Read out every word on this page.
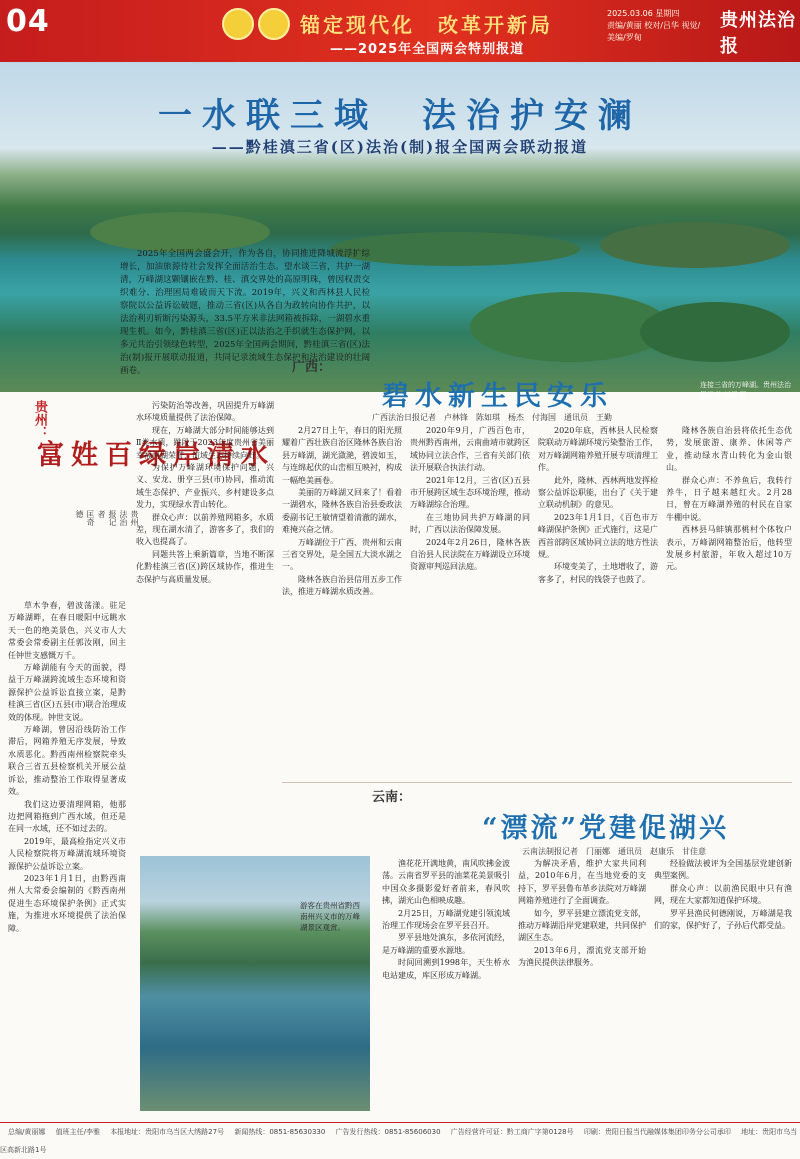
04	锚定现代化　改革开新局
——2025年全国两会特别报道
2025.03.06 星期四
责编/黄丽 校对/吕华 视觉/
美编/罗甸
贵州法治报
一水联三域　法治护安澜
——黔桂滇三省(区)法治(制)报全国两会联动报道
连接三省的万峰湖。贵州法治报记者 刘颜 摄
2025年全国两会盛会开，作为各自，协同推进降城流浮扩综增长，加油旅源待社会发挥全面活治生态。望水谈三省，共护一湖清，万峰湖这颗镶嵌在黔、桂、滇交界处的高原明珠，曾因权责交织难分、治理困局难破而天下流。2019年，兴义和西林县人民检察院以公益诉讼破题，推动三省(区)从各自为政转向协作共护，以法治利刃斩断污染源头，33.5平方米非法网箱被拆除，一湖碧水重现生机。如今，黔桂滇三省(区)正以法治之手织就生态保护网，以多元共治引领绿色转型，2025年全国两会期间，黔桂滇三省(区)法治(制)报开展联动报道，共同记录流域生态保护和法治建设的壮阔画卷。
贵州：
水清岸绿百姓富
贵州法治报记者　匡奇德

草木争春，碧波荡漾。驻足万峰湖畔，在春日暖阳中远眺水天一色的绝美景色，兴义市人大常委会常委副主任郭汝刚，回主任钟世支感慨万千。

万峰湖能有今天的面貌，得益于万峰湖跨流域生态环境和资源保护公益诉讼直接立案，是黔桂滇三省(区)五县(市)联合治理成效的体现。钟世支说。

万峰湖，曾因沿线防治工作滞后，网箱养殖无序发展，导致水质恶化。黔西南州检察院牵头联合三省五县检察机关开展公益诉讼，推动整治工作取得显著成效。

我们这边要清理网箱，他那边把网箱拖到广西水域，但还是在同一水域，还不如过去的。

2019年，最高检指定兴义市人民检察院将万峰湖流域环境资源保护公益诉讼立案。

2023年1月1日，由黔西南州人大常委会编制的《黔西南州促进生态环境保护条例》正式实施，为推进水环境提供了法治保障。

污染防治等改善，巩固提升万峰湖水环境质量提供了法治保障。

现在，万峰湖大部分时间能够达到Ⅱ类水质，跳段于2023年度贵州省美丽幸福河湖荣誉，流域生态持续向好。

为保护万峰湖环境保护问题，兴义、安龙、册亨三县(市)协同，推动流域生态保护、产业振兴、乡村建设多点发力，实现绿水青山转化。

群众心声：以前养殖网箱多，水质差，现在湖水清了，游客多了，我们的收入也提高了。

同题共答上乘新篇章，当地不断深化黔桂滇三省(区)跨区域协作，推进生态保护与高质量发展。

游客在贵州省黔西南州兴义市的万峰湖景区观赏。
广西：
碧水新生民安乐
广西法治日报记者　卢林锋　陈如琪　杨杰　付海国　通讯员　王勤

2月27日上午，春日的阳光照耀着广西壮族自治区隆林各族自治县万峰湖，湖光潋滟，碧波如玉，与连绵起伏的山峦相互映衬，构成一幅绝美画卷。

美丽的万峰湖又回来了！看着一湖碧水，隆林各族自治县委政法委副书记王敏情望着清澈的湖水，难掩兴奋之情。

万峰湖位于广西、贵州和云南三省交界处，是全国五大淡水湖之一。

隆林各族自治县信用五步工作法，推进万峰湖水质改善。

2020年9月，广西百色市，贵州黔西南州，云南曲靖市就跨区域协同立法合作，三省有关部门依法开展联合执法行动。

2021年12月，三省(区)五县市开展跨区域生态环境治理，推动万峰湖综合治理。

在三地协同共护万峰湖的同时，广西以法治保障发展。

2024年2月26日，隆林各族自治县人民法院在万峰湖设立环境资源审判巡回法庭。

2020年底，西林县人民检察院联动万峰湖环境污染整治工作，对万峰湖网箱养殖开展专项清理工作。

此外，隆林、西林两地发挥检察公益诉讼职能，出台了《关于建立联动机制》的意见。

2023年1月1日，《百色市万峰湖保护条例》正式施行，这是广西首部跨区域协同立法的地方性法规。

环境变美了，土地增收了，游客多了，村民的钱袋子也鼓了。

隆林各族自治县将依托生态优势，发展旅游、康养、休闲等产业，推动绿水青山转化为金山银山。

群众心声：不养鱼后，我转行养牛，日子越来越红火。2月28日，曾在万峰湖养殖的村民在自家牛棚中说。

西林县马蚌镇那桃村个体牧户表示，万峰湖网箱整治后，他转型发展乡村旅游，年收入超过10万元。

云南：
“漂流”党建促湖兴
云南法制报记者　门丽娜　通讯员　赵康乐　甘佳意

渔花花开满地黄，南风吹拂金波荡。云南省罗平县的油菜花美景吸引中国众多摄影爱好者前来，春风吹拂，湖光山色相映成趣。

2月25日，万峰湖党建引领流域治理工作现场会在罗平县召开。

罗平县地处滇东，多依河流经，是万峰湖的重要水源地。

时间回溯到1998年，天生桥水电站建成，库区形成万峰湖。

为解决矛盾，维护大家共同利益，2010年6月，在当地党委的支持下，罗平县鲁布革乡法院对万峰湖网箱养殖进行了全面调查。

如今，罗平县建立漂流党支部，推动万峰湖沿岸党建联建，共同保护湖区生态。

2013年6月，漂流党支部开始为渔民提供法律服务。

经验做法被评为全国基层党建创新典型案例。

群众心声：以前渔民眼中只有渔网，现在大家都知道保护环境。

罗平县渔民何德刚说，万峰湖是我们的家，保护好了，子孙后代都受益。

总编/黄丽娜 值班主任/李雅 本报地址：贵阳市乌当区大绣路27号 新闻热线：0851-85630330 广告发行热线：0851-85606030 广告经营许可证：黔工商广字第0128号 印刷：贵阳日报当代融媒体集团印务分公司承印 地址：贵阳市乌当区高新北路1号
